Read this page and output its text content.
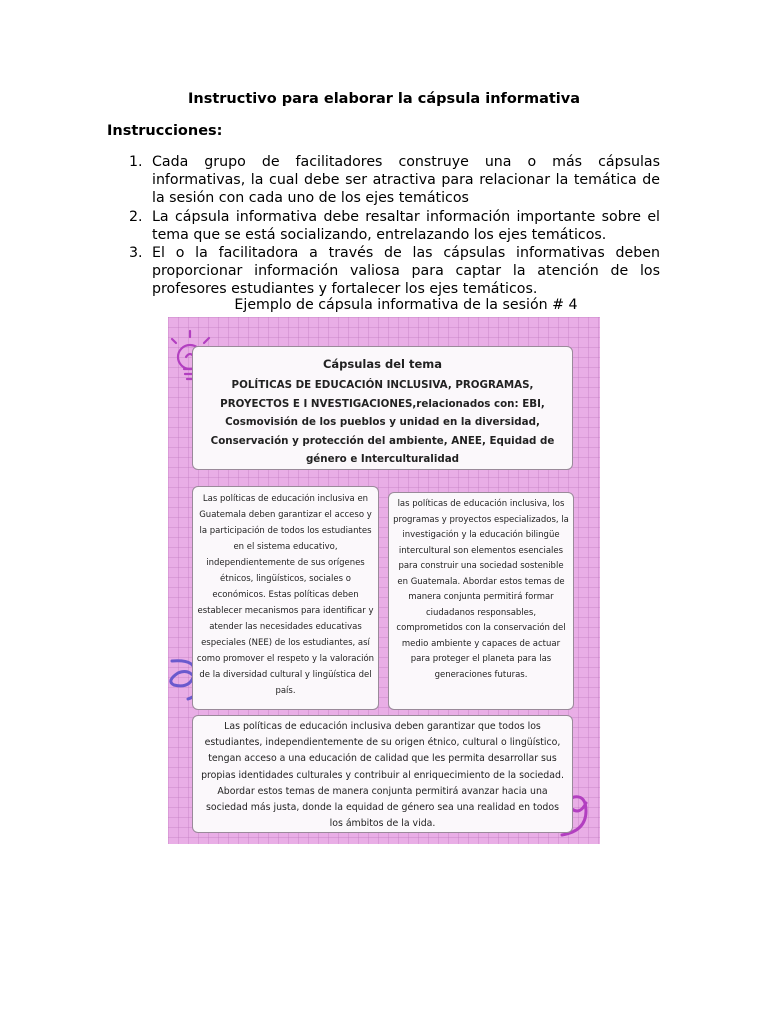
Instructivo para elaborar la cápsula informativa
Instrucciones:
1. Cada grupo de facilitadores construye una o más cápsulas informativas, la cual debe ser atractiva para relacionar la temática de la sesión con cada uno de los ejes temáticos
2. La cápsula informativa debe resaltar información importante sobre el tema que se está socializando, entrelazando los ejes temáticos.
3. El o la facilitadora a través de las cápsulas informativas deben proporcionar información valiosa para captar la atención de los profesores estudiantes y fortalecer los ejes temáticos.
Ejemplo de cápsula informativa de la sesión # 4
Cápsulas del tema
POLÍTICAS DE EDUCACIÓN INCLUSIVA, PROGRAMAS, PROYECTOS E I NVESTIGACIONES,relacionados con: EBI, Cosmovisión de los pueblos y unidad en la diversidad, Conservación y protección del ambiente, ANEE, Equidad de género e Interculturalidad
Las políticas de educación inclusiva en Guatemala deben garantizar el acceso y la participación de todos los estudiantes en el sistema educativo, independientemente de sus orígenes étnicos, lingüísticos, sociales o económicos. Estas políticas deben establecer mecanismos para identificar y atender las necesidades educativas especiales (NEE) de los estudiantes, así como promover el respeto y la valoración de la diversidad cultural y lingüística del país.
las políticas de educación inclusiva, los programas y proyectos especializados, la investigación y la educación bilingüe intercultural son elementos esenciales para construir una sociedad sostenible en Guatemala. Abordar estos temas de manera conjunta permitirá formar ciudadanos responsables, comprometidos con la conservación del medio ambiente y capaces de actuar para proteger el planeta para las generaciones futuras.
Las políticas de educación inclusiva deben garantizar que todos los estudiantes, independientemente de su origen étnico, cultural o lingüístico, tengan acceso a una educación de calidad que les permita desarrollar sus propias identidades culturales y contribuir al enriquecimiento de la sociedad. Abordar estos temas de manera conjunta permitirá avanzar hacia una sociedad más justa, donde la equidad de género sea una realidad en todos los ámbitos de la vida.
